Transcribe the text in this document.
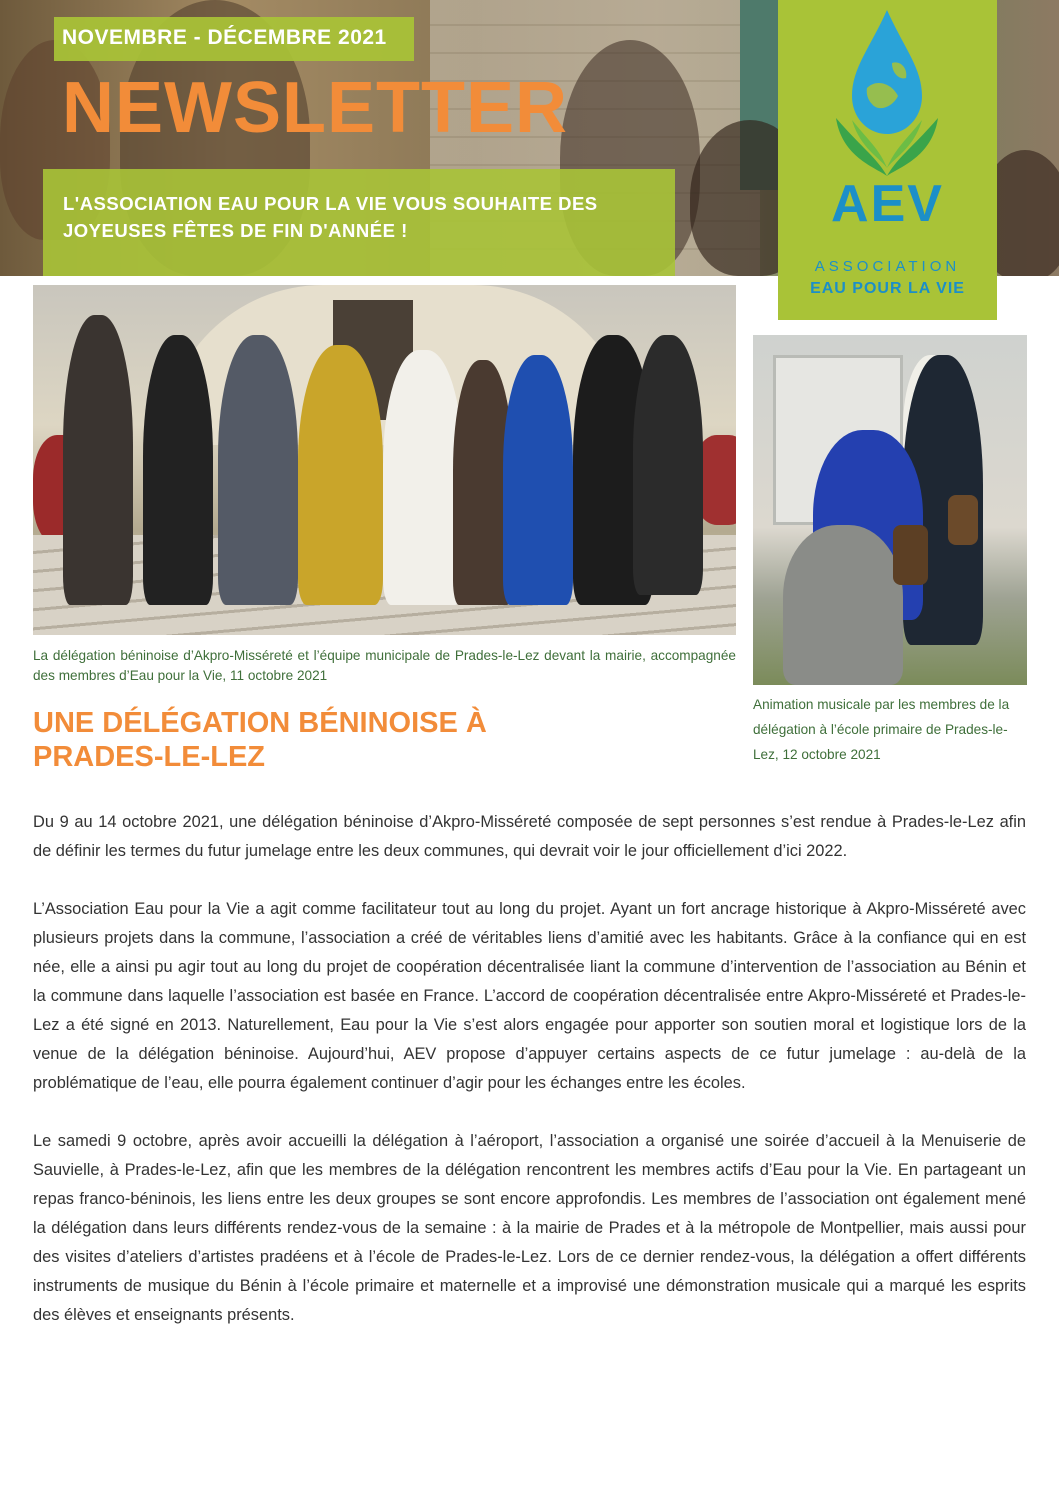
NOVEMBRE - DÉCEMBRE 2021
NEWSLETTER
L'ASSOCIATION EAU POUR LA VIE VOUS SOUHAITE DES JOYEUSES FÊTES DE FIN D'ANNÉE !	AEV
ASSOCIATION
EAU POUR LA VIE
La délégation béninoise d’Akpro-Misséreté et l’équipe municipale de Prades-le-Lez devant la mairie, accompagnée des membres d’Eau pour la Vie, 11 octobre 2021
Animation musicale par les membres de la délégation à l’école primaire de Prades-le-Lez, 12 octobre 2021
UNE DÉLÉGATION BÉNINOISE À PRADES-LE-LEZ

Du 9 au 14 octobre 2021, une délégation béninoise d’Akpro-Misséreté composée de sept personnes s’est rendue à Prades-le-Lez afin de définir les termes du futur jumelage entre les deux communes, qui devrait voir le jour officiellement d’ici 2022.

L’Association Eau pour la Vie a agit comme facilitateur tout au long du projet. Ayant un fort ancrage historique à Akpro-Misséreté avec plusieurs projets dans la commune, l’association a créé de véritables liens d’amitié avec les habitants. Grâce à la confiance qui en est née, elle a ainsi pu agir tout au long du projet de coopération décentralisée liant la commune d’intervention de l’association au Bénin et la commune dans laquelle l’association est basée en France. L’accord de coopération décentralisée entre Akpro-Misséreté et Prades-le-Lez a été signé en 2013. Naturellement, Eau pour la Vie s’est alors engagée pour apporter son soutien moral et logistique lors de la venue de la délégation béninoise. Aujourd’hui, AEV propose d’appuyer certains aspects de ce futur jumelage : au-delà de la problématique de l’eau, elle pourra également continuer d’agir pour les échanges entre les écoles.

Le samedi 9 octobre, après avoir accueilli la délégation à l’aéroport, l’association a organisé une soirée d’accueil à la Menuiserie de Sauvielle, à Prades-le-Lez, afin que les membres de la délégation rencontrent les membres actifs d’Eau pour la Vie. En partageant un repas franco-béninois, les liens entre les deux groupes se sont encore approfondis. Les membres de l’association ont également mené la délégation dans leurs différents rendez-vous de la semaine : à la mairie de Prades et à la métropole de Montpellier, mais aussi pour des visites d’ateliers d’artistes pradéens et à l’école de Prades-le-Lez. Lors de ce dernier rendez-vous, la délégation a offert différents instruments de musique du Bénin à l’école primaire et maternelle et a improvisé une démonstration musicale qui a marqué les esprits des élèves et enseignants présents.
